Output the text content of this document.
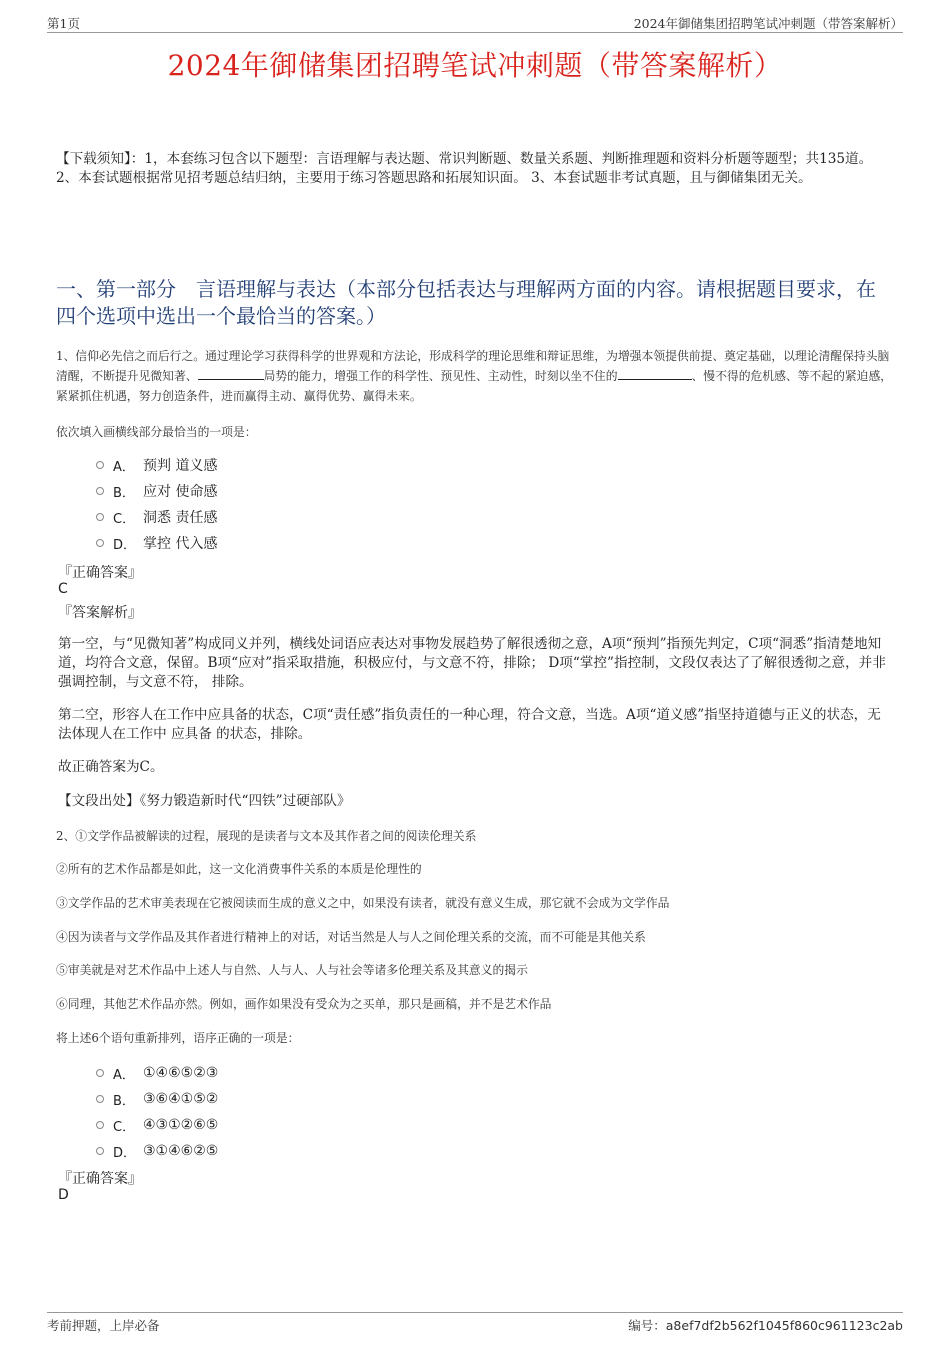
第1页	2024年御储集团招聘笔试冲刺题（带答案解析）
2024年御储集团招聘笔试冲刺题（带答案解析）
【下载须知】：1，本套练习包含以下题型：言语理解与表达题、常识判断题、数量关系题、判断推理题和资料分析题等题型；共135道。 2、本套试题根据常见招考题总结归纳，主要用于练习答题思路和拓展知识面。 3、本套试题非考试真题，且与御储集团无关。
一、第一部分　言语理解与表达（本部分包括表达与理解两方面的内容。请根据题目要求，在四个选项中选出一个最恰当的答案。）
1、信仰必先信之而后行之。通过理论学习获得科学的世界观和方法论，形成科学的理论思维和辩证思维，为增强本领提供前提、奠定基础，以理论清醒保持头脑清醒，不断提升见微知著、	局势的能力，增强工作的科学性、预见性、主动性，时刻以坐不住的	、慢不得的危机感、等不起的紧迫感，紧紧抓住机遇，努力创造条件，进而赢得主动、赢得优势、赢得未来。
依次填入画横线部分最恰当的一项是：
A． 预判 道义感
B． 应对 使命感
C． 洞悉 责任感
D． 掌控 代入感
『正确答案』
C
『答案解析』
第一空，与“见微知著”构成同义并列，横线处词语应表达对事物发展趋势了解很透彻之意，A项“预判”指预先判定，C项“洞悉”指清楚地知道，均符合文意，保留。B项“应对”指采取措施，积极应付，与文意不符，排除； D项“掌控”指控制，文段仅表达了了解很透彻之意，并非强调控制，与文意不符， 排除。
第二空，形容人在工作中应具备的状态，C项“责任感”指负责任的一种心理，符合文意，当选。A项“道义感”指坚持道德与正义的状态，无法体现人在工作中 应具备 的状态，排除。
故正确答案为C。
【文段出处】《努力锻造新时代“四铁”过硬部队》
2、①文学作品被解读的过程，展现的是读者与文本及其作者之间的阅读伦理关系
②所有的艺术作品都是如此，这一文化消费事件关系的本质是伦理性的
③文学作品的艺术审美表现在它被阅读而生成的意义之中，如果没有读者，就没有意义生成，那它就不会成为文学作品
④因为读者与文学作品及其作者进行精神上的对话，对话当然是人与人之间伦理关系的交流，而不可能是其他关系
⑤审美就是对艺术作品中上述人与自然、人与人、人与社会等诸多伦理关系及其意义的揭示
⑥同理，其他艺术作品亦然。例如，画作如果没有受众为之买单，那只是画稿，并不是艺术作品
将上述6个语句重新排列，语序正确的一项是：
A． ①④⑥⑤②③
B． ③⑥④①⑤②
C． ④③①②⑥⑤
D． ③①④⑥②⑤
『正确答案』
D
考前押题，上岸必备	编号：a8ef7df2b562f1045f860c961123c2ab
